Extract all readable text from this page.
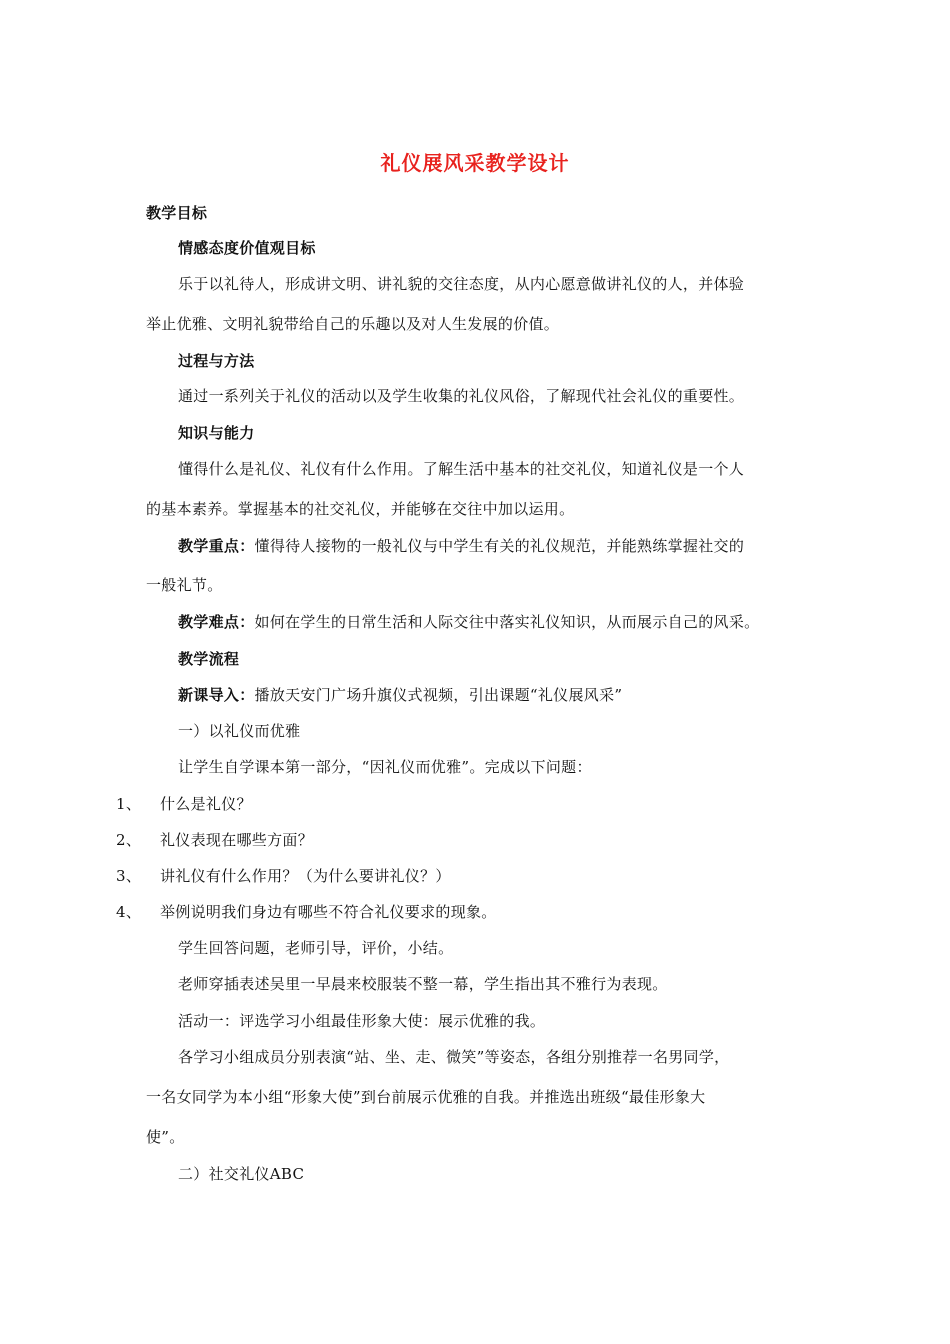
礼仪展风采教学设计
教学目标
情感态度价值观目标
乐于以礼待人，形成讲文明、讲礼貌的交往态度，从内心愿意做讲礼仪的人，并体验
举止优雅、文明礼貌带给自己的乐趣以及对人生发展的价值。
过程与方法
通过一系列关于礼仪的活动以及学生收集的礼仪风俗，了解现代社会礼仪的重要性。
知识与能力
懂得什么是礼仪、礼仪有什么作用。了解生活中基本的社交礼仪，知道礼仪是一个人
的基本素养。掌握基本的社交礼仪，并能够在交往中加以运用。
教学重点：懂得待人接物的一般礼仪与中学生有关的礼仪规范，并能熟练掌握社交的
一般礼节。
教学难点：如何在学生的日常生活和人际交往中落实礼仪知识，从而展示自己的风采。
教学流程
新课导入：播放天安门广场升旗仪式视频，引出课题“礼仪展风采”
一）以礼仪而优雅
让学生自学课本第一部分，“因礼仪而优雅”。完成以下问题：
1、 什么是礼仪？
2、 礼仪表现在哪些方面？
3、 讲礼仪有什么作用？（为什么要讲礼仪？）
4、 举例说明我们身边有哪些不符合礼仪要求的现象。
学生回答问题，老师引导，评价，小结。
老师穿插表述吴里一早晨来校服装不整一幕，学生指出其不雅行为表现。
活动一：评选学习小组最佳形象大使：展示优雅的我。
各学习小组成员分别表演“站、坐、走、微笑”等姿态，各组分别推荐一名男同学，
一名女同学为本小组“形象大使”到台前展示优雅的自我。并推选出班级“最佳形象大
使”。
二）社交礼仪ABC
